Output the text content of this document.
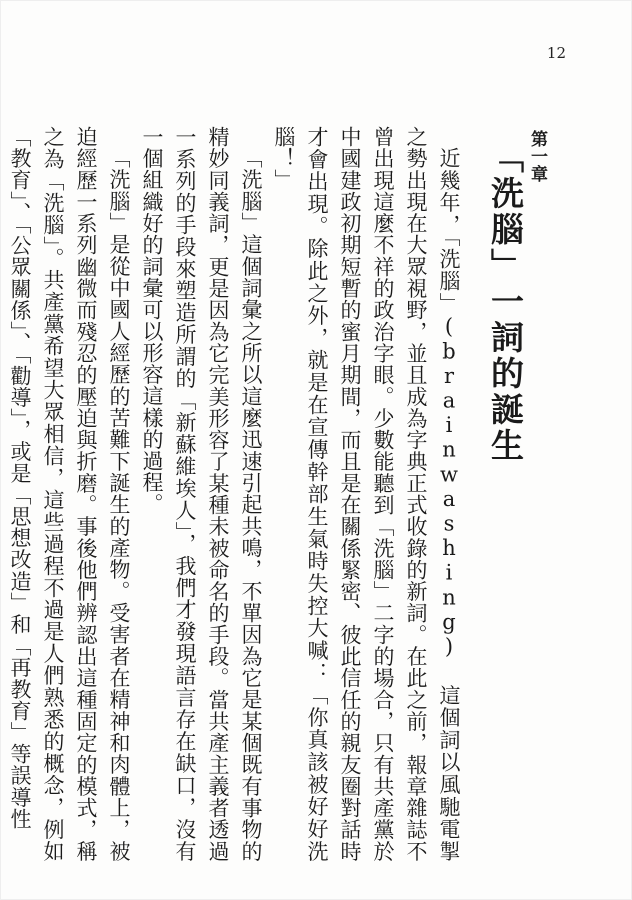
12
第一章
「洗腦」一詞的誕生

近幾年，「洗腦」(brainwashing) 這個詞以風馳電掣之勢出現在大眾視野，並且成為字典正式收錄的新詞。在此之前，報章雜誌不曾出現這麼不祥的政治字眼。少數能聽到「洗腦」二字的場合，只有共產黨於中國建政初期短暫的蜜月期間，而且是在關係緊密、彼此信任的親友圈對話時才會出現。除此之外，就是在宣傳幹部生氣時失控大喊：「你真該被好好洗腦！」

「洗腦」這個詞彙之所以這麼迅速引起共鳴，不單因為它是某個既有事物的精妙同義詞，更是因為它完美形容了某種未被命名的手段。當共產主義者透過一系列的手段來塑造所謂的「新蘇維埃人」，我們才發現語言存在缺口，沒有一個組織好的詞彙可以形容這樣的過程。

「洗腦」是從中國人經歷的苦難下誕生的產物。受害者在精神和肉體上，被迫經歷一系列幽微而殘忍的壓迫與折磨。事後他們辨認出這種固定的模式，稱之為「洗腦」。共產黨希望大眾相信，這些過程不過是人們熟悉的概念，例如「教育」、「公眾關係」、「勸導」，或是「思想改造」和「再教育」等誤導性
